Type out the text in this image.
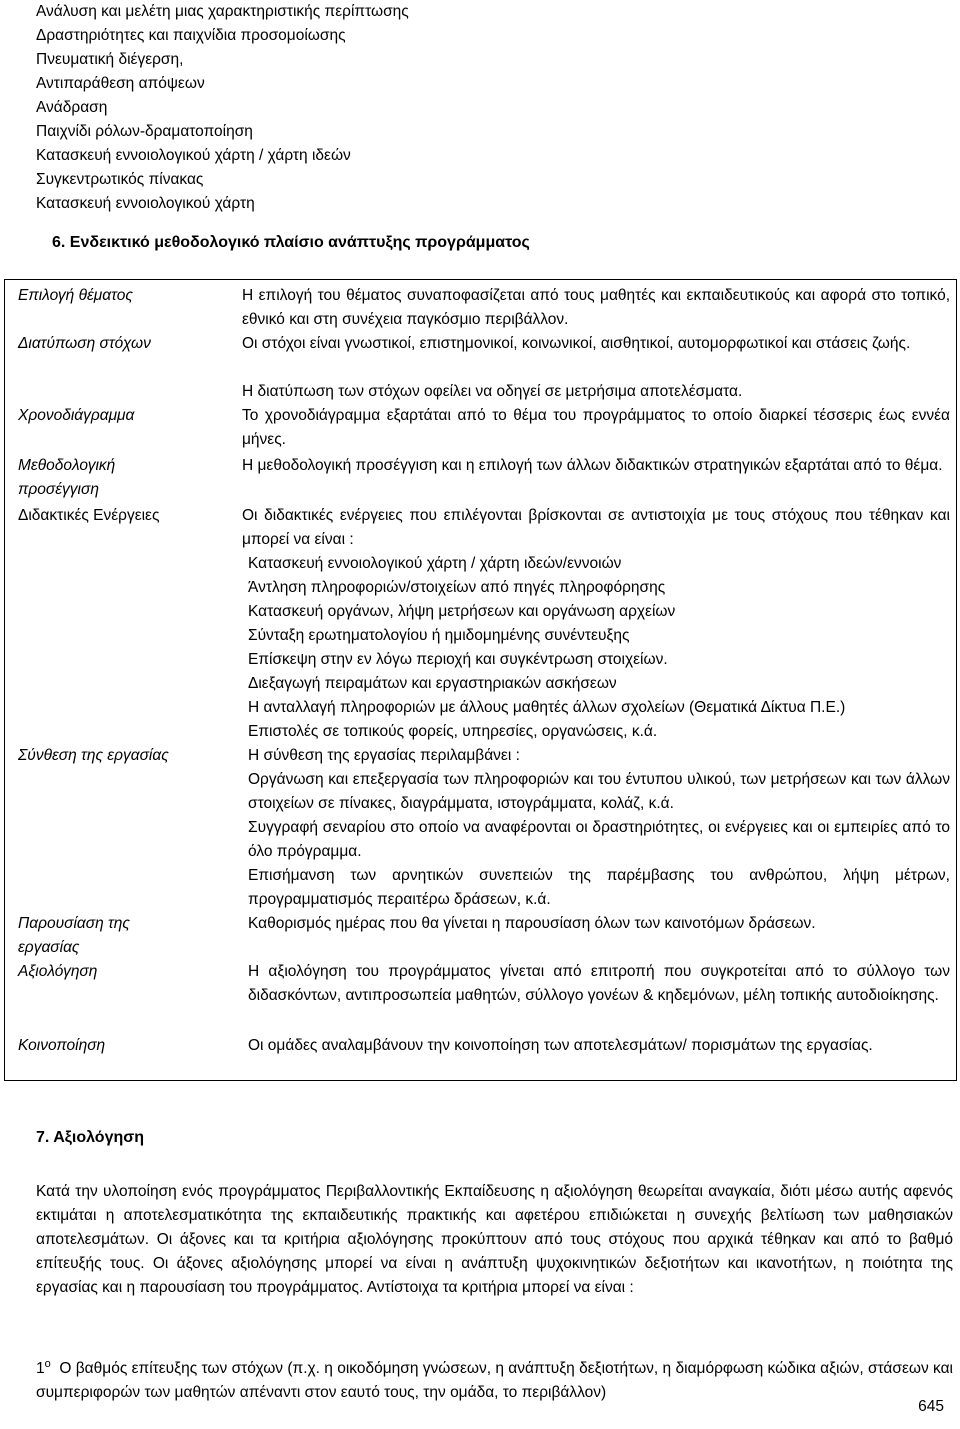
Ανάλυση και μελέτη μιας χαρακτηριστικής περίπτωσης
Δραστηριότητες και παιχνίδια προσομοίωσης
Πνευματική διέγερση,
Αντιπαράθεση απόψεων
Ανάδραση
Παιχνίδι ρόλων-δραματοποίηση
Κατασκευή εννοιολογικού χάρτη / χάρτη ιδεών
Συγκεντρωτικός πίνακας
Κατασκευή εννοιολογικού χάρτη
6. Ενδεικτικό μεθοδολογικό πλαίσιο ανάπτυξης προγράμματος
Επιλογή θέματος
Διατύπωση στόχων
Χρονοδιάγραμμα
Μεθοδολογική
προσέγγιση
Διδακτικές Ενέργειες
Σύνθεση της εργασίας
Παρουσίαση της
εργασίας
Αξιολόγηση
Κοινοποίηση
Η επιλογή του θέματος συναποφασίζεται από τους μαθητές και εκπαιδευτικούς και αφορά στο τοπικό, εθνικό και στη συνέχεια παγκόσμιο περιβάλλον.
Οι στόχοι είναι γνωστικοί, επιστημονικοί, κοινωνικοί, αισθητικοί, αυτομορφωτικοί και στάσεις ζωής.
Η διατύπωση των στόχων οφείλει να οδηγεί σε μετρήσιμα αποτελέσματα.
Το χρονοδιάγραμμα εξαρτάται από το θέμα του προγράμματος το οποίο διαρκεί τέσσερις έως εννέα μήνες.
Η μεθοδολογική προσέγγιση και η επιλογή των άλλων διδακτικών στρατηγικών εξαρτάται από το θέμα.
Οι διδακτικές ενέργειες που επιλέγονται βρίσκονται σε αντιστοιχία με τους στόχους που τέθηκαν και μπορεί να είναι :
Κατασκευή εννοιολογικού χάρτη / χάρτη ιδεών/εννοιών
Άντληση πληροφοριών/στοιχείων από πηγές πληροφόρησης
Κατασκευή οργάνων, λήψη μετρήσεων και οργάνωση αρχείων
Σύνταξη ερωτηματολογίου ή ημιδομημένης συνέντευξης
Επίσκεψη στην εν λόγω περιοχή και συγκέντρωση στοιχείων.
Διεξαγωγή πειραμάτων και εργαστηριακών ασκήσεων
Η ανταλλαγή πληροφοριών με άλλους μαθητές άλλων σχολείων (Θεματικά Δίκτυα Π.Ε.)
Επιστολές σε τοπικούς φορείς, υπηρεσίες, οργανώσεις, κ.ά.
Η σύνθεση της εργασίας περιλαμβάνει :
Οργάνωση και επεξεργασία των πληροφοριών και του έντυπου υλικού, των μετρήσεων και των άλλων στοιχείων σε πίνακες, διαγράμματα, ιστογράμματα, κολάζ, κ.ά.
Συγγραφή σεναρίου στο οποίο να αναφέρονται οι δραστηριότητες, οι ενέργειες και οι εμπειρίες από το όλο πρόγραμμα.
Επισήμανση των αρνητικών συνεπειών της παρέμβασης του ανθρώπου, λήψη μέτρων, προγραμματισμός περαιτέρω δράσεων, κ.ά.
Καθορισμός ημέρας που θα γίνεται η παρουσίαση όλων των καινοτόμων δράσεων.
Η αξιολόγηση του προγράμματος γίνεται από επιτροπή που συγκροτείται από το σύλλογο των διδασκόντων, αντιπροσωπεία μαθητών, σύλλογο γονέων & κηδεμόνων, μέλη τοπικής αυτοδιοίκησης.
Οι ομάδες αναλαμβάνουν την κοινοποίηση των αποτελεσμάτων/ πορισμάτων της εργασίας.
7. Αξιολόγηση

Κατά την υλοποίηση ενός προγράμματος Περιβαλλοντικής Εκπαίδευσης η αξιολόγηση θεωρείται αναγκαία, διότι μέσω αυτής αφενός εκτιμάται η αποτελεσματικότητα της εκπαιδευτικής πρακτικής και αφετέρου επιδιώκεται η συνεχής βελτίωση των μαθησιακών αποτελεσμάτων. Οι άξονες και τα κριτήρια αξιολόγησης προκύπτουν από τους στόχους που αρχικά τέθηκαν και από το βαθμό επίτευξής τους. Οι άξονες αξιολόγησης μπορεί να είναι η ανάπτυξη ψυχοκινητικών δεξιοτήτων και ικανοτήτων, η ποιότητα της εργασίας και η παρουσίαση του προγράμματος. Αντίστοιχα τα κριτήρια μπορεί να είναι :

$1^o$ Ο βαθμός επίτευξης των στόχων (π.χ. η οικοδόμηση γνώσεων, η ανάπτυξη δεξιοτήτων, η διαμόρφωση κώδικα αξιών, στάσεων και συμπεριφορών των μαθητών απέναντι στον εαυτό τους, την ομάδα, το περιβάλλον)

645
